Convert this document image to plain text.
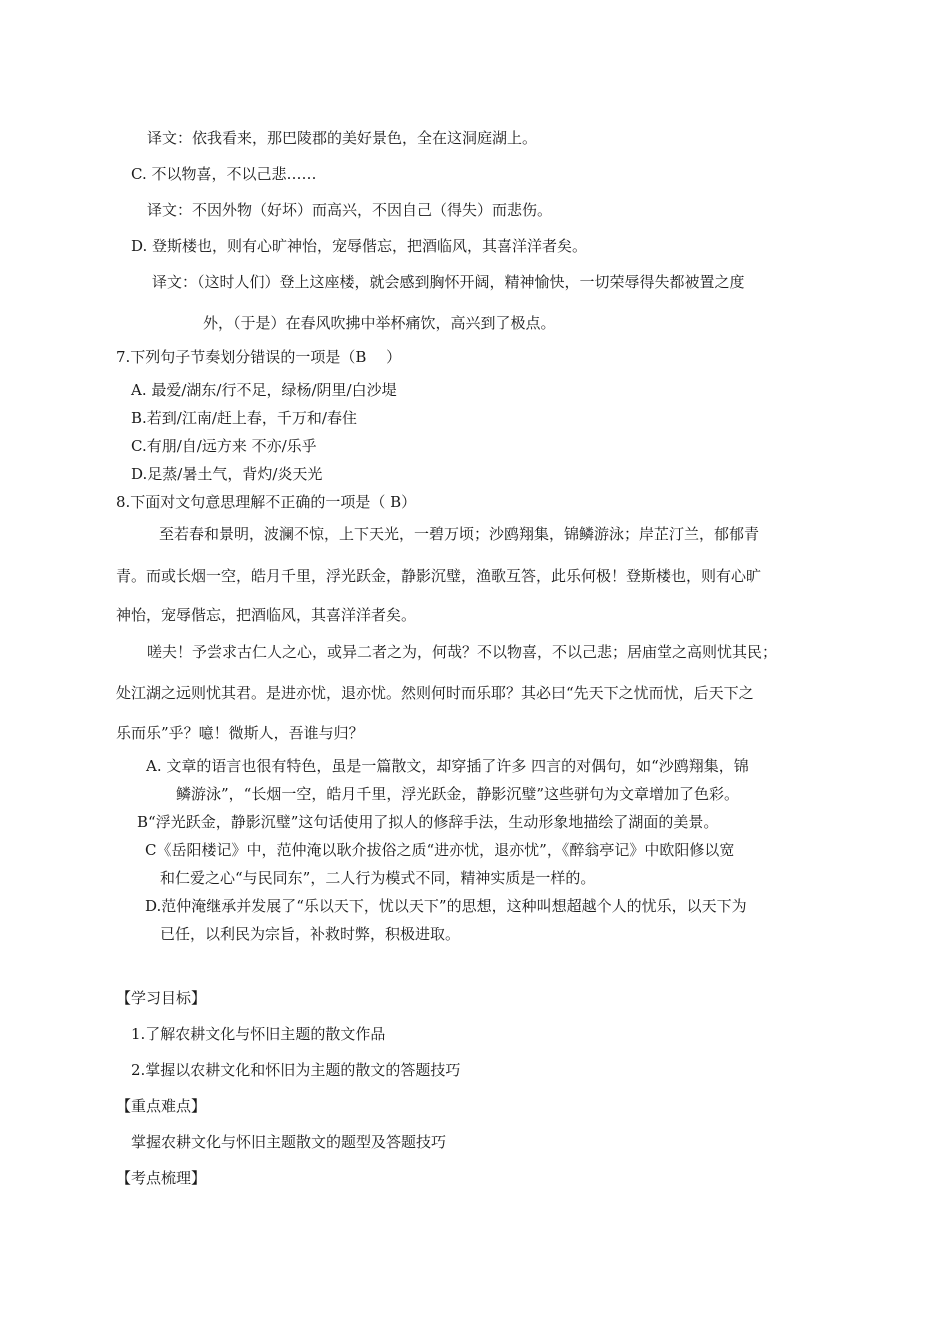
译文：依我看来，那巴陵郡的美好景色，全在这洞庭湖上。
C. 不以物喜，不以己悲……
译文：不因外物（好坏）而高兴，不因自己（得失）而悲伤。
D. 登斯楼也，则有心旷神怡，宠辱偕忘，把酒临风，其喜洋洋者矣。
译文：（这时人们）登上这座楼，就会感到胸怀开阔，精神愉快，一切荣辱得失都被置之度
外，（于是）在春风吹拂中举杯痛饮，高兴到了极点。
7.下列句子节奏划分错误的一项是（B　 ）
A. 最爱/湖东/行不足，绿杨/阴里/白沙堤
B.若到/江南/赶上春，千万和/春住
C.有朋/自/远方来 不亦/乐乎
D.足蒸/暑土气，背灼/炎天光
8.下面对文句意思理解不正确的一项是（ B）
至若春和景明，波澜不惊，上下天光，一碧万顷；沙鸥翔集，锦鳞游泳；岸芷汀兰，郁郁青
青。而或长烟一空，皓月千里，浮光跃金，静影沉璧，渔歌互答，此乐何极！登斯楼也，则有心旷
神怡，宠辱偕忘，把酒临风，其喜洋洋者矣。
嗟夫！予尝求古仁人之心，或异二者之为，何哉？不以物喜，不以己悲；居庙堂之高则忧其民；
处江湖之远则忧其君。是进亦忧，退亦忧。然则何时而乐耶？其必曰“先天下之忧而忧，后天下之
乐而乐”乎？噫！微斯人，吾谁与归？
A. 文章的语言也很有特色，虽是一篇散文，却穿插了许多 四言的对偶句，如“沙鸥翔集，锦
鳞游泳”，“长烟一空，皓月千里，浮光跃金，静影沉璧”这些骈句为文章增加了色彩。
B“浮光跃金，静影沉璧”这句话使用了拟人的修辞手法，生动形象地描绘了湖面的美景。
C《岳阳楼记》中，范仲淹以耿介拔俗之质“进亦忧，退亦忧”，《醉翁亭记》中欧阳修以宽
和仁爱之心“与民同东”，二人行为模式不同，精神实质是一样的。
D.范仲淹继承并发展了“乐以天下，忧以天下”的思想，这种叫想超越个人的忧乐，以天下为
已任，以利民为宗旨，补救时弊，积极进取。
【学习目标】
1.了解农耕文化与怀旧主题的散文作品
2.掌握以农耕文化和怀旧为主题的散文的答题技巧
【重点难点】
掌握农耕文化与怀旧主题散文的题型及答题技巧
【考点梳理】
